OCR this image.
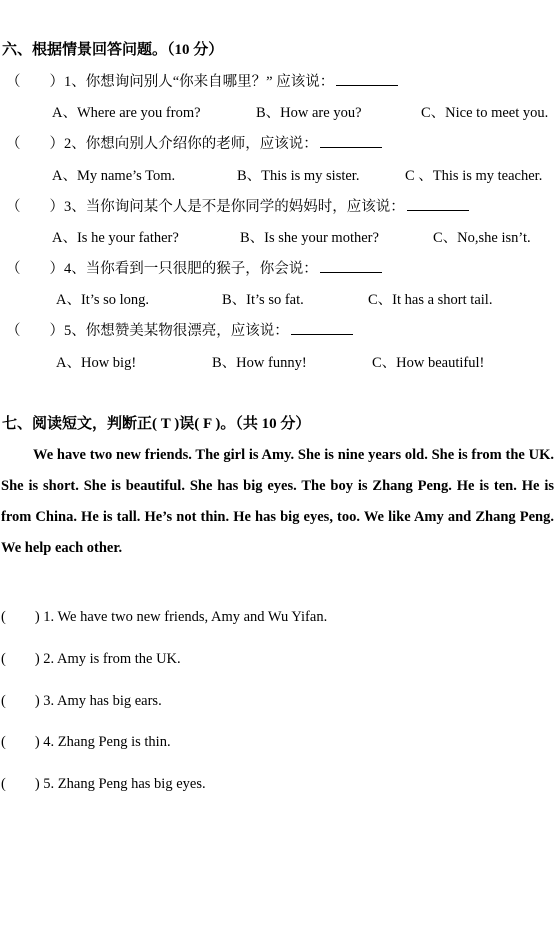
六、根据情景回答问题。（10 分）
（　　）1、你想询问别人“你来自哪里？” 应该说：
A、Where are you from?	B、How are you?	C、Nice to meet you.
（　　）2、你想向别人介绍你的老师，应该说：
A、My name’s Tom.	B、This is my sister.	C 、This is my teacher.
（　　）3、当你询问某个人是不是你同学的妈妈时，应该说：
A、Is he your father?	B、Is she your mother?	C、No,she isn’t.
（　　）4、当你看到一只很肥的猴子，你会说：
A、It’s so long.	B、It’s so fat.	C、It has a short tail.
（　　）5、你想赞美某物很漂亮，应该说：
A、How big!	B、How funny!	C、How beautiful!
七、阅读短文，判断正( T )误( F )。（共 10 分）

We have two new friends. The girl is Amy. She is nine years old. She is from the UK. She is short. She is beautiful. She has big eyes. The boy is Zhang Peng. He is ten. He is from China. He is tall. He’s not thin. He has big eyes, too. We like Amy and Zhang Peng. We help each other.

(　　) 1. We have two new friends, Amy and Wu Yifan.
(　　) 2. Amy is from the UK.
(　　) 3. Amy has big ears.
(　　) 4. Zhang Peng is thin.
(　　) 5. Zhang Peng has big eyes.
